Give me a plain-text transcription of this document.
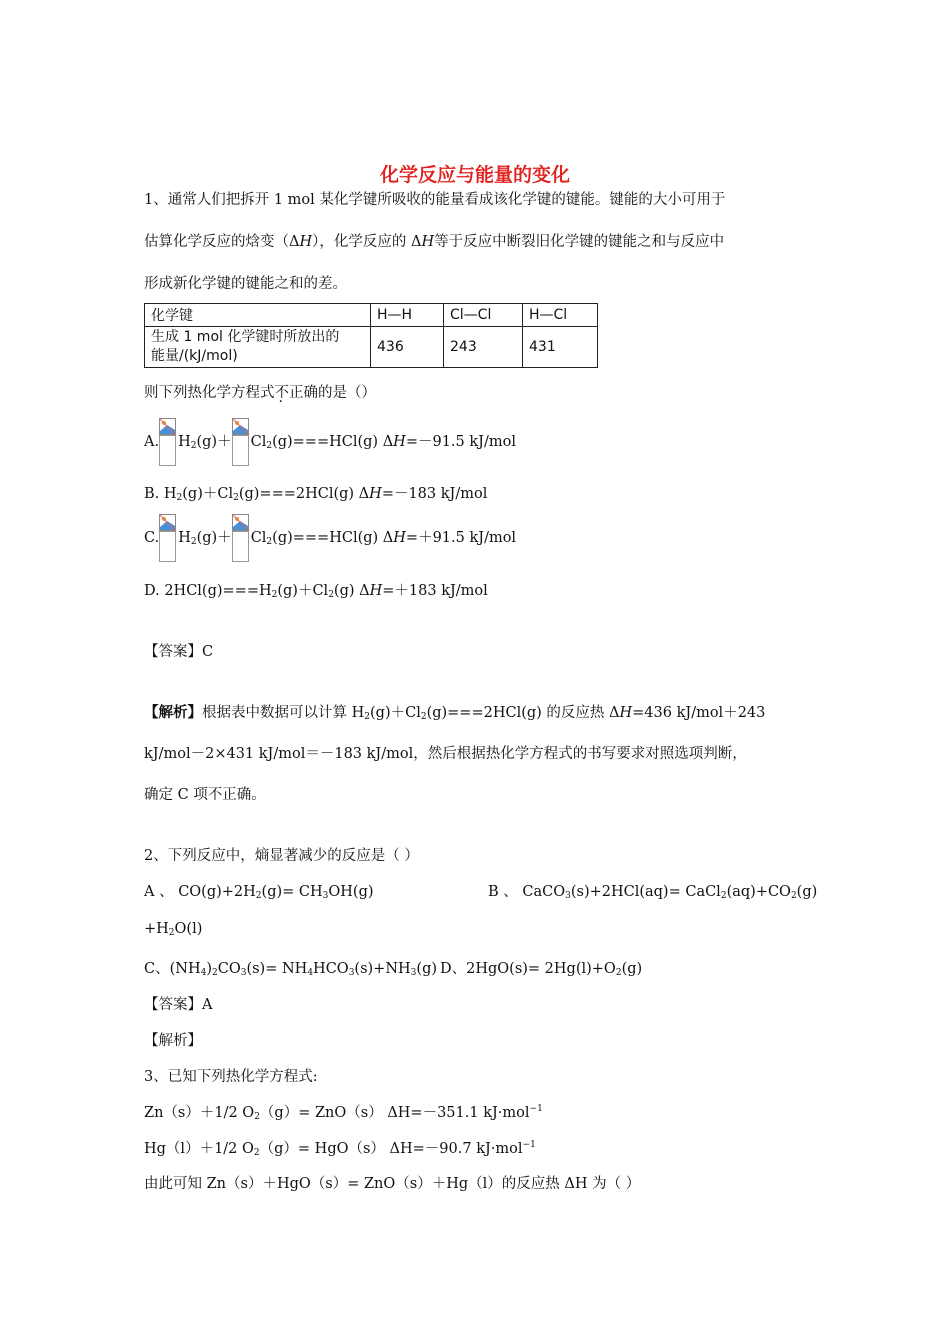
化学反应与能量的变化
1、通常人们把拆开 1 mol 某化学键所吸收的能量看成该化学键的键能。键能的大小可用于
估算化学反应的焓变（ΔH），化学反应的 ΔH等于反应中断裂旧化学键的键能之和与反应中
形成新化学键的键能之和的差。
化学键	H—H	Cl—Cl	H—Cl
生成 1 mol 化学键时所放出的
能量/(kJ/mol)	436	243	431
则下列热化学方程式不正确的是（）
A. $H_2(g)+ Cl_2(g)===HCl(g)$ ΔH=－91.5 kJ/mol
B. $H_2(g)+Cl_2(g)===2HCl(g)$ ΔH=－183 kJ/mol
C. $H_2(g)+ Cl_2(g)===HCl(g)$ ΔH=＋91.5 kJ/mol
D. $2HCl(g)===H_2(g)+Cl_2(g)$ ΔH=＋183 kJ/mol
【答案】C
【解析】根据表中数据可以计算 $H_2(g)+Cl_2(g)===2HCl(g)$ 的反应热 ΔH=436 kJ/mol＋243
kJ/mol－2×431 kJ/mol＝－183 kJ/mol，然后根据热化学方程式的书写要求对照选项判断，
确定 C 项不正确。
2、下列反应中，熵显著减少的反应是（ ）
A 、 $CO(g)+2H_2(g)= CH_3OH(g)$	B 、 CaCO$_3$(s)+2HCl(aq)= $CaCl_2(aq)+CO_2(g)$
$+H_2O(l)$
C、$(NH_4)_2CO_3(s)= NH_4HCO_3(s)+NH_3(g)$ D、$2HgO(s)= 2Hg(l)+O_2(g)$
【答案】A
【解析】
3、已知下列热化学方程式:
Zn（s）＋1/2 $O_2(g)= ZnO(s)$ ΔH=－351.1 kJ·mol$^{-1}$
Hg（l）＋1/2 $O_2(g)= HgO(s)$ ΔH=－90.7 kJ·mol$^{-1}$
由此可知 Zn（s）＋HgO（s）= ZnO（s）＋Hg（l）的反应热 ΔH 为（ ）
